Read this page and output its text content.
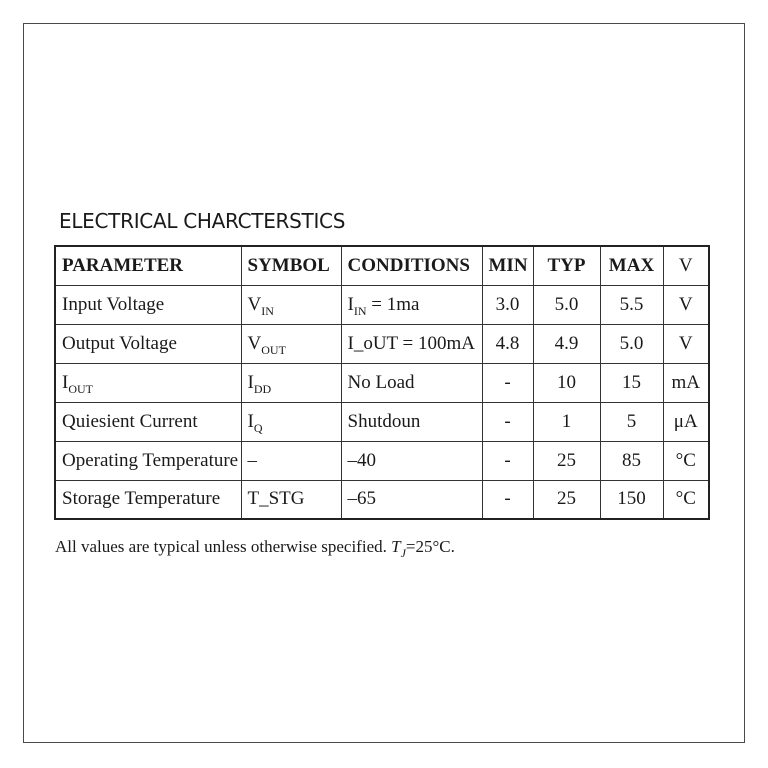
ELECTRICAL CHARCTERSTICS
PARAMETER	SYMBOL	CONDITIONS	MIN	TYP	MAX	V
Input Voltage	$V_{IN}$	$I_{IN} = 1ma$	3.0	5.0	5.5	V
Output Voltage	$V_{OUT}$	I_oUT = 100mA	4.8	4.9	5.0	V
$I_{OUT}$	$I_{DD}$	No Load	-	10	15	mA
Quiesient Current	$I_Q$	Shutdoun	-	1	5	μA
Operating Temperature	–	–40	-	25	85	°C
Storage Temperature	T_STG	–65	-	25	150	°C
All values are typical unless otherwise specified. $T_J=25^\circ C$.
